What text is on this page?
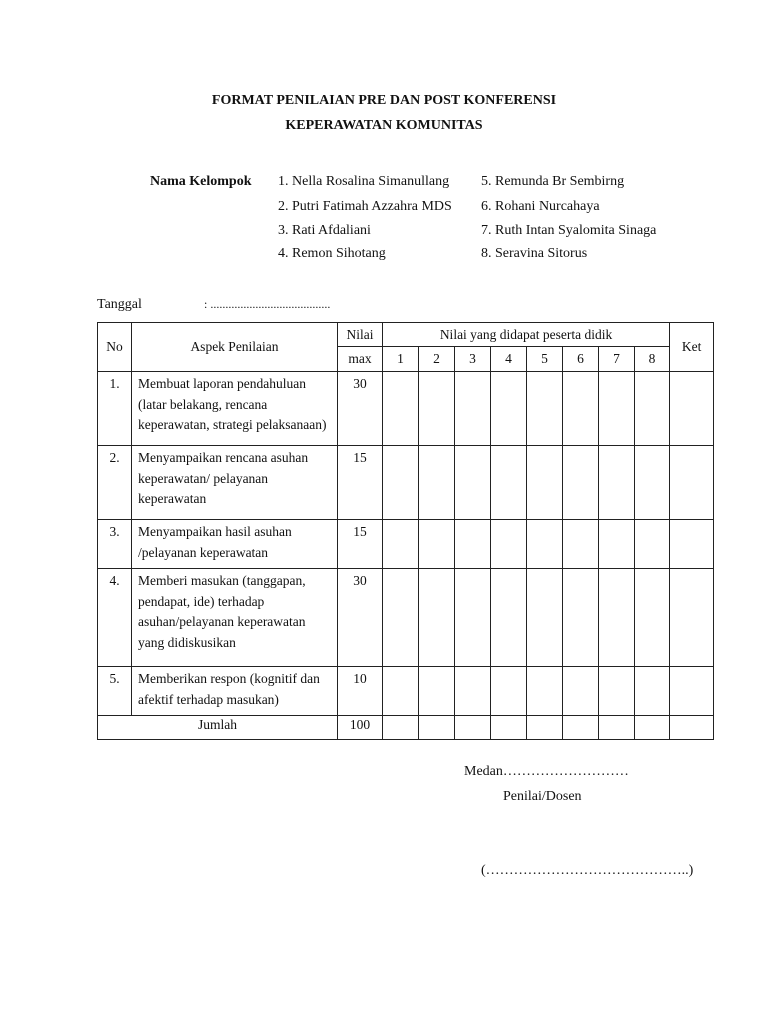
FORMAT PENILAIAN PRE DAN POST KONFERENSI
KEPERAWATAN KOMUNITAS
Nama Kelompok 1. Nella Rosalina Simanullang
2. Putri Fatimah Azzahra MDS
3. Rati Afdaliani
4. Remon Sihotang
5. Remunda Br Sembirng
6. Rohani Nurcahaya
7. Ruth Intan Syalomita Sinaga
8. Seravina Sitorus
Tanggal	: ........................................
No	Aspek Penilaian	Nilai	Nilai yang didapat peserta didik								Ket
		max	1	2	3	4	5	6	7	8	
1.	Membuat laporan pendahuluan
(latar belakang, rencana
keperawatan, strategi pelaksanaan)	30									
2.	Menyampaikan rencana asuhan
keperawatan/ pelayanan
keperawatan	15									
3.	Menyampaikan hasil asuhan
/pelayanan keperawatan	15									
4.	Memberi masukan (tanggapan,
pendapat, ide) terhadap
asuhan/pelayanan keperawatan
yang didiskusikan	30									
5.	Memberikan respon (kognitif dan
afektif terhadap masukan)	10									
Jumlah		100									
Medan………………………
Penilai/Dosen
(……………………………………..)
